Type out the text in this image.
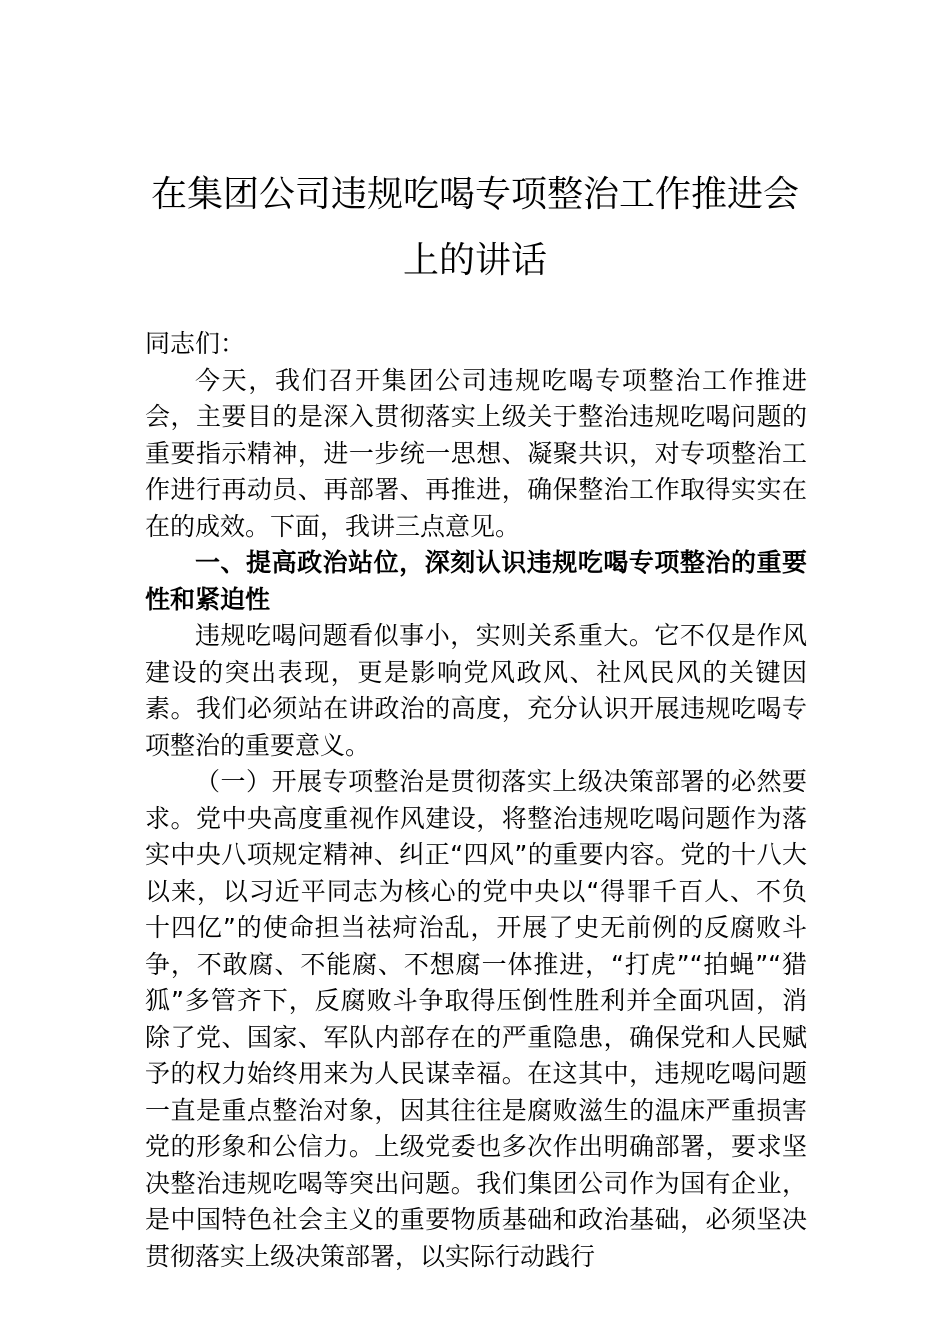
在集团公司违规吃喝专项整治工作推进会
上的讲话

同志们：

今天，我们召开集团公司违规吃喝专项整治工作推进会，主要目的是深入贯彻落实上级关于整治违规吃喝问题的重要指示精神，进一步统一思想、凝聚共识，对专项整治工作进行再动员、再部署、再推进，确保整治工作取得实实在在的成效。下面，我讲三点意见。

一、提高政治站位，深刻认识违规吃喝专项整治的重要性和紧迫性

违规吃喝问题看似事小，实则关系重大。它不仅是作风建设的突出表现，更是影响党风政风、社风民风的关键因素。我们必须站在讲政治的高度，充分认识开展违规吃喝专项整治的重要意义。

（一）开展专项整治是贯彻落实上级决策部署的必然要求。党中央高度重视作风建设，将整治违规吃喝问题作为落实中央八项规定精神、纠正“四风”的重要内容。党的十八大以来，以习近平同志为核心的党中央以“得罪千百人、不负十四亿”的使命担当祛疴治乱，开展了史无前例的反腐败斗争，不敢腐、不能腐、不想腐一体推进，“打虎”“拍蝇”“猎狐”多管齐下，反腐败斗争取得压倒性胜利并全面巩固，消除了党、国家、军队内部存在的严重隐患，确保党和人民赋予的权力始终用来为人民谋幸福。在这其中，违规吃喝问题一直是重点整治对象，因其往往是腐败滋生的温床严重损害党的形象和公信力。上级党委也多次作出明确部署，要求坚决整治违规吃喝等突出问题。我们集团公司作为国有企业，是中国特色社会主义的重要物质基础和政治基础，必须坚决贯彻落实上级决策部署，以实际行动践行
